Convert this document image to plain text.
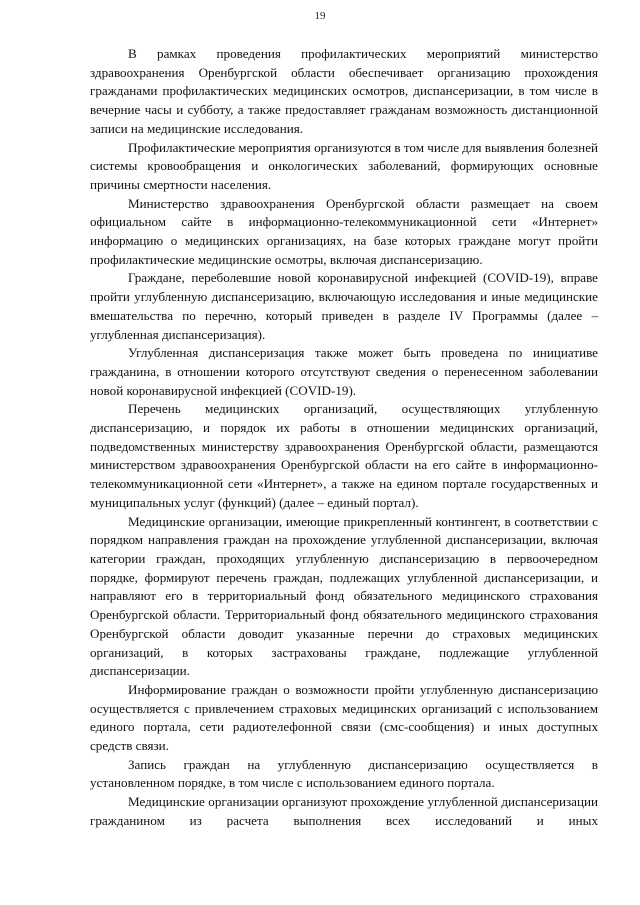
19

В рамках проведения профилактических мероприятий министерство здравоохранения Оренбургской области обеспечивает организацию прохождения гражданами профилактических медицинских осмотров, диспансеризации, в том числе в вечерние часы и субботу, а также предоставляет гражданам возможность дистанционной записи на медицинские исследования.

Профилактические мероприятия организуются в том числе для выявления болезней системы кровообращения и онкологических заболеваний, формирующих основные причины смертности населения.

Министерство здравоохранения Оренбургской области размещает на своем официальном сайте в информационно-телекоммуникационной сети «Интернет» информацию о медицинских организациях, на базе которых граждане могут пройти профилактические медицинские осмотры, включая диспансеризацию.

Граждане, переболевшие новой коронавирусной инфекцией (COVID-19), вправе пройти углубленную диспансеризацию, включающую исследования и иные медицинские вмешательства по перечню, который приведен в разделе IV Программы (далее – углубленная диспансеризация).

Углубленная диспансеризация также может быть проведена по инициативе гражданина, в отношении которого отсутствуют сведения о перенесенном заболевании новой коронавирусной инфекцией (COVID-19).

Перечень медицинских организаций, осуществляющих углубленную диспансеризацию, и порядок их работы в отношении медицинских организаций, подведомственных министерству здравоохранения Оренбургской области, размещаются министерством здравоохранения Оренбургской области на его сайте в информационно-телекоммуникационной сети «Интернет», а также на едином портале государственных и муниципальных услуг (функций) (далее – единый портал).

Медицинские организации, имеющие прикрепленный контингент, в соответствии с порядком направления граждан на прохождение углубленной диспансеризации, включая категории граждан, проходящих углубленную диспансеризацию в первоочередном порядке, формируют перечень граждан, подлежащих углубленной диспансеризации, и направляют его в территориальный фонд обязательного медицинского страхования Оренбургской области. Территориальный фонд обязательного медицинского страхования Оренбургской области доводит указанные перечни до страховых медицинских организаций, в которых застрахованы граждане, подлежащие углубленной диспансеризации.

Информирование граждан о возможности пройти углубленную диспансеризацию осуществляется с привлечением страховых медицинских организаций с использованием единого портала, сети радиотелефонной связи (смс-сообщения) и иных доступных средств связи.

Запись граждан на углубленную диспансеризацию осуществляется в установленном порядке, в том числе с использованием единого портала.

Медицинские организации организуют прохождение углубленной диспансеризации гражданином из расчета выполнения всех исследований и иных
